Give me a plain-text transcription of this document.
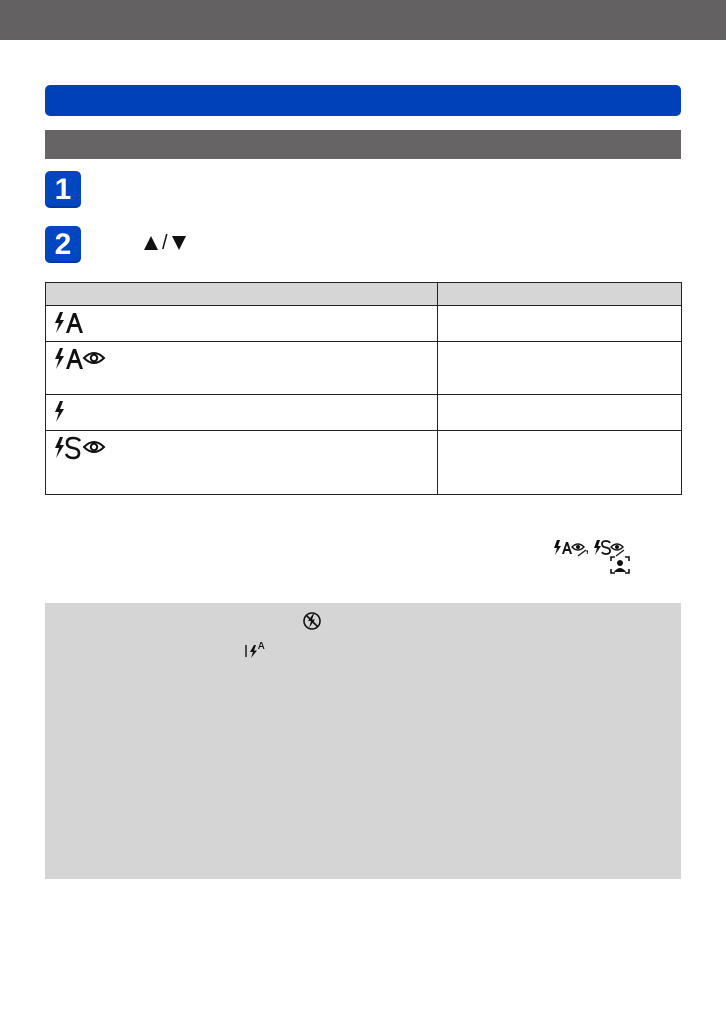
1
2	/

,
